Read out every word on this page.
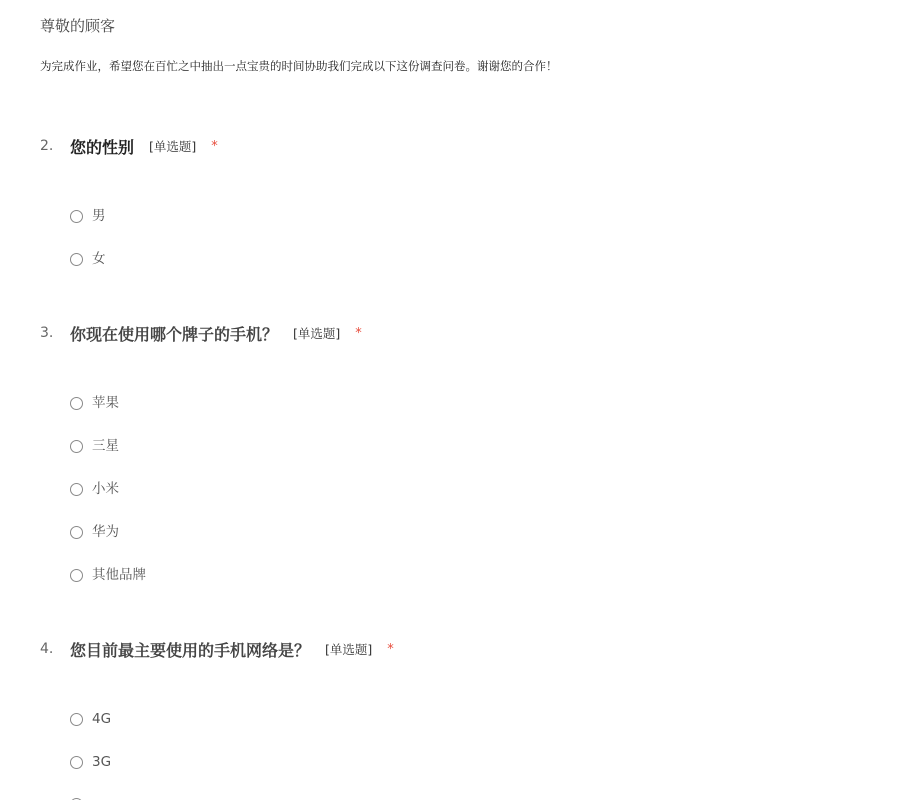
尊敬的顾客
为完成作业，希望您在百忙之中抽出一点宝贵的时间协助我们完成以下这份调查问卷。谢谢您的合作！
2.	您的性别 [单选题] *
男
女
3.	你现在使用哪个牌子的手机？ [单选题] *
苹果
三星
小米
华为
其他品牌
4.	您目前最主要使用的手机网络是？ [单选题] *
4G
3G
